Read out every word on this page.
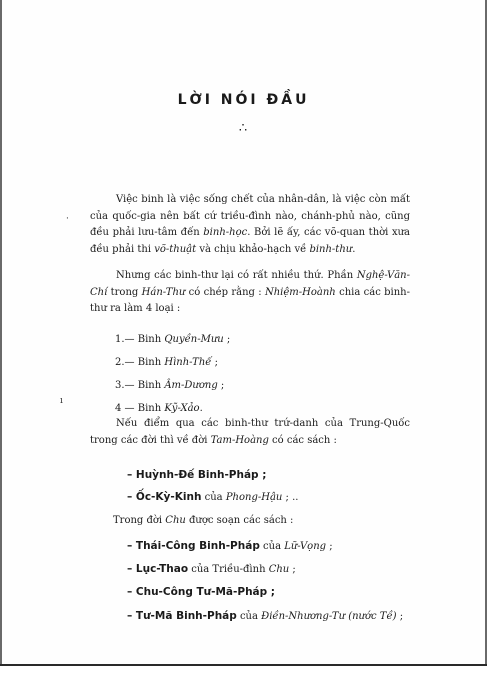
LỜI NÓI ĐẦU
∴
·
ı
Việc binh là việc sống chết của nhân-dân, là việc còn mất của quốc-gia nên bất cứ triều-đình nào, chánh-phủ nào, cũng đều phải lưu-tâm đến binh-học. Bởi lẽ ấy, các võ-quan thời xưa đều phải thi võ-thuật và chịu khảo-hạch về binh-thư.
Nhưng các binh-thư lại có rất nhiều thứ. Phần Nghệ-Văn-Chí trong Hán-Thư có chép rằng : Nhiệm-Hoành chia các binh-thư ra làm 4 loại :
1.— Binh Quyền-Mưu ;
2.— Binh Hình-Thế ;
3.— Binh Âm-Dương ;
4 — Binh Kỹ-Xảo.
Nếu điểm qua các binh-thư trứ-danh của Trung-Quốc trong các đời thì về đời Tam-Hoàng có các sách :
– Huỳnh-Đế Binh-Pháp ;
– Ốc-Kỳ-Kinh của Phong-Hậu ; ..
Trong đời Chu được soạn các sách :
– Thái-Công Binh-Pháp của Lữ-Vọng ;
– Lục-Thao của Triều-đình Chu ;
– Chu-Công Tư-Mã-Pháp ;
– Tư-Mã Binh-Pháp của Điền-Nhương-Tư (nước Tề) ;
